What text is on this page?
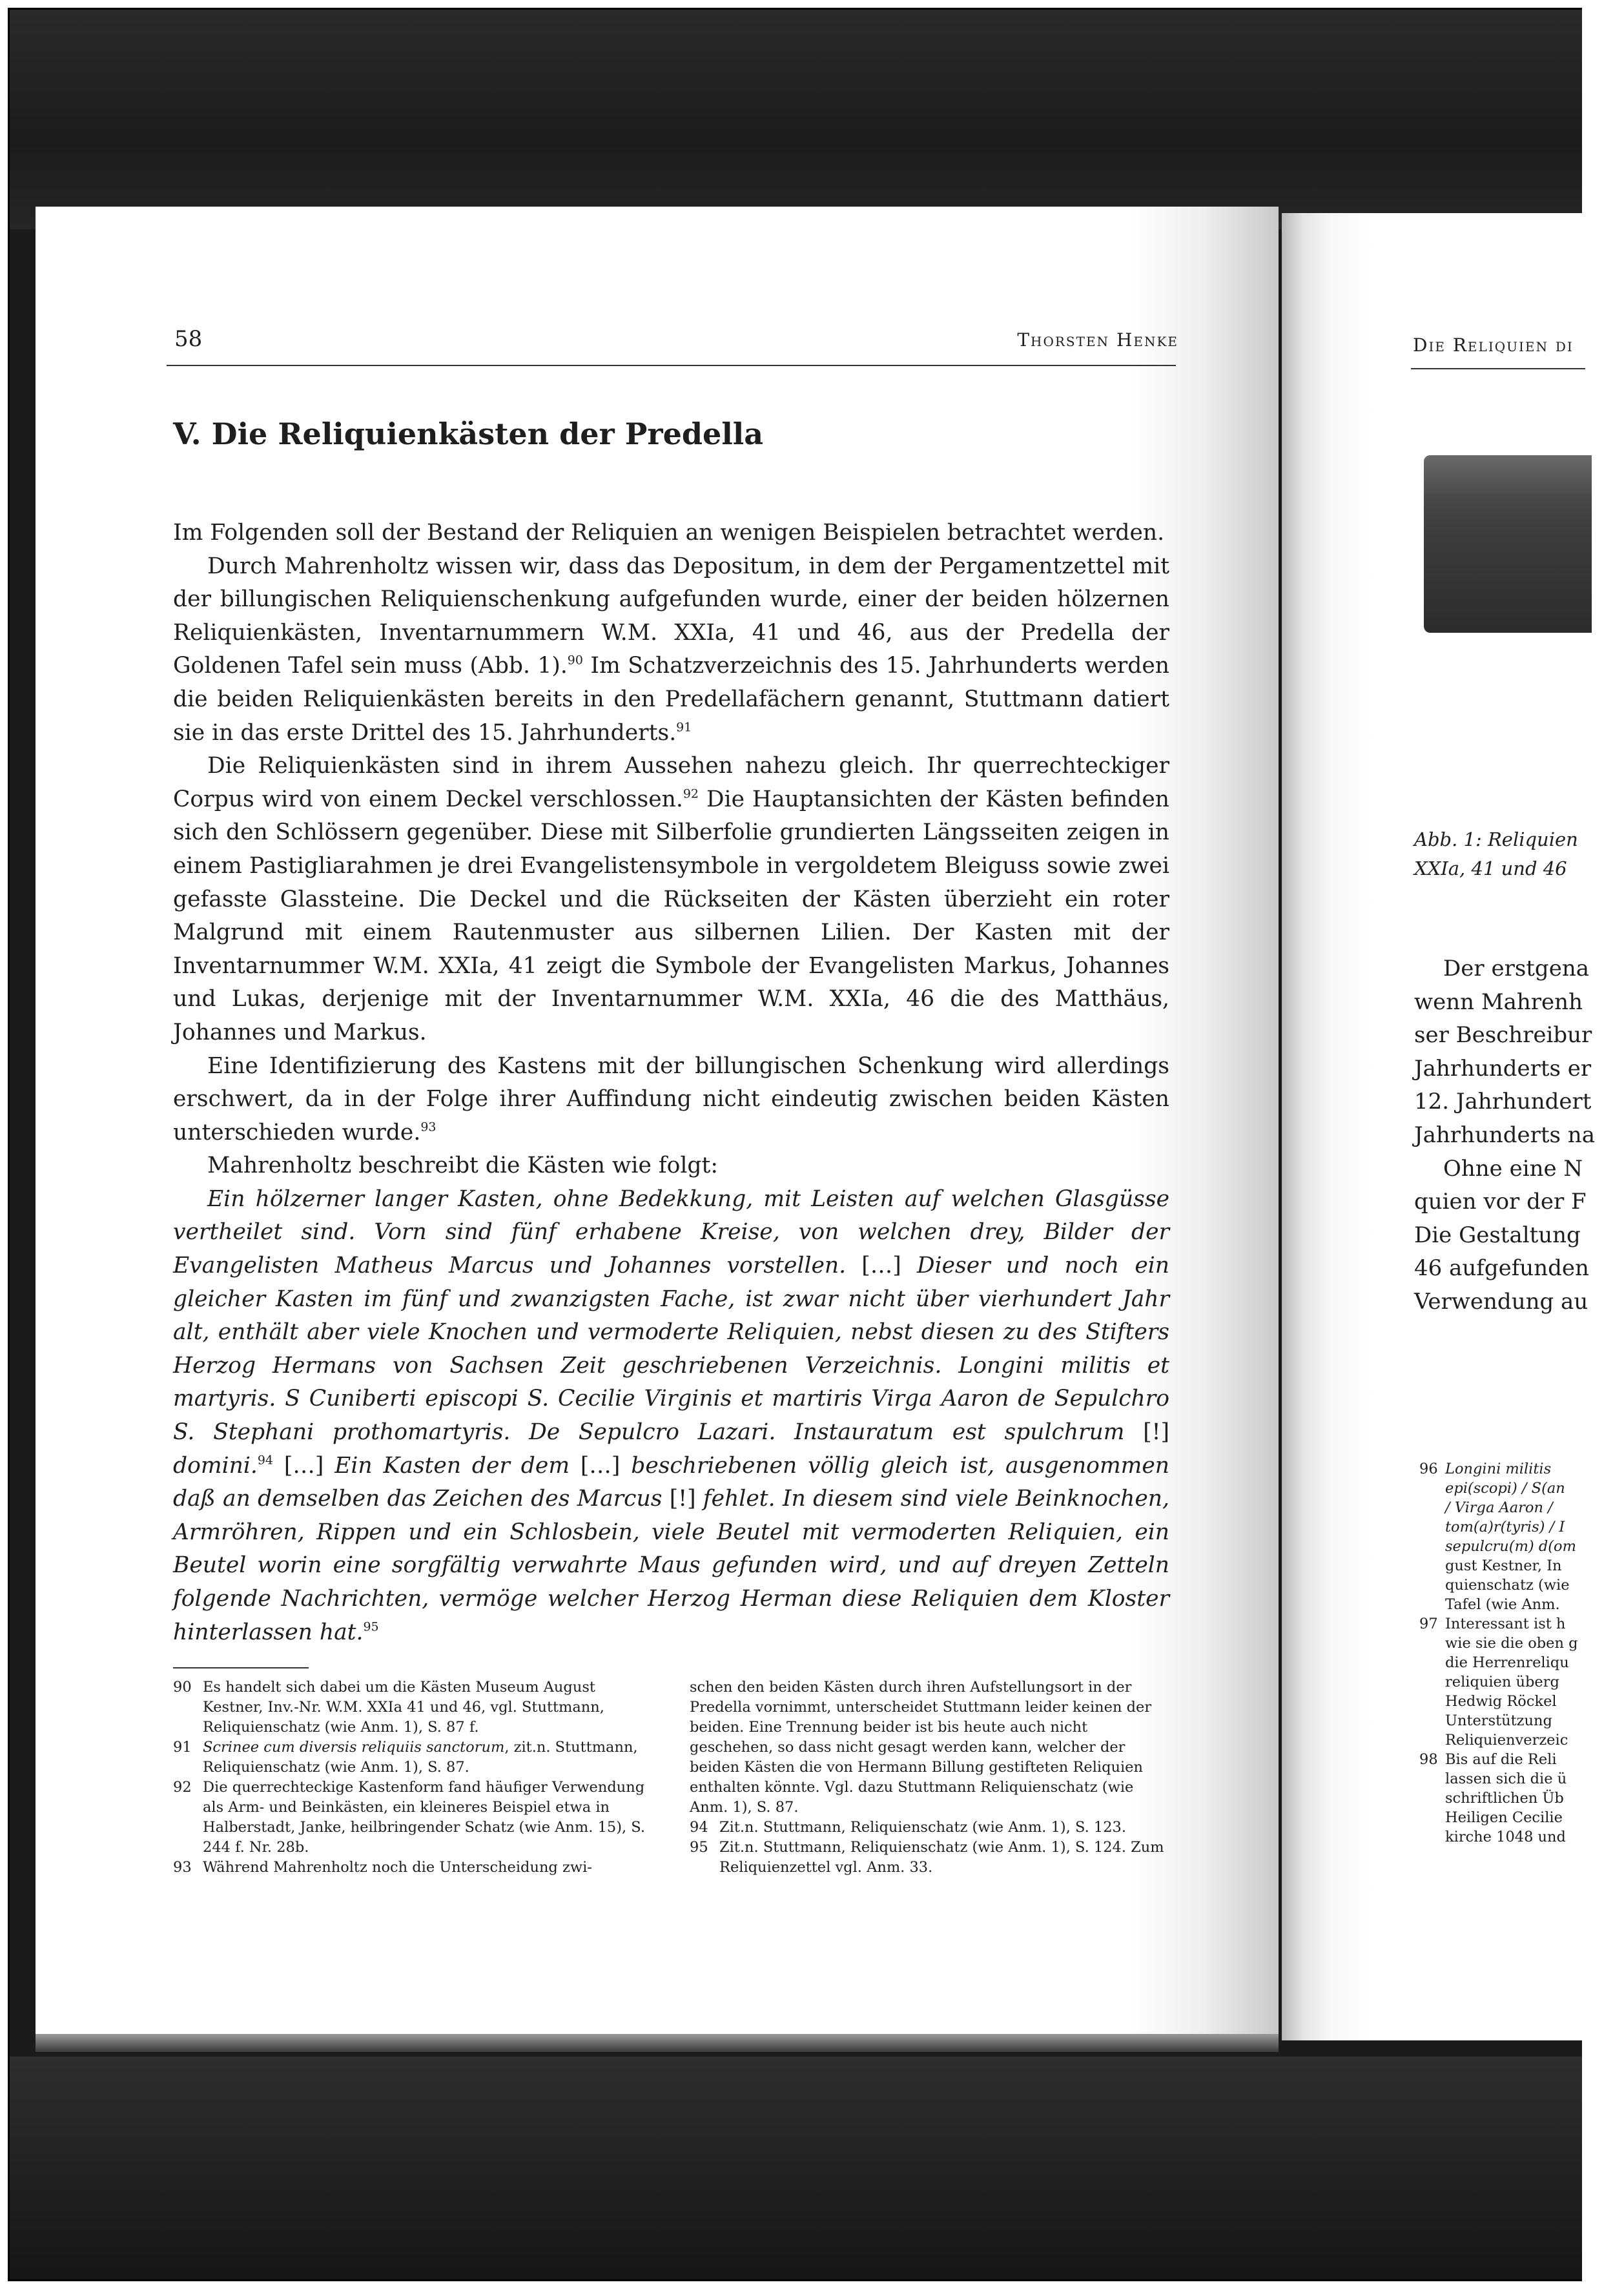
58	Thorsten Henke
V. Die Reliquienkästen der Predella

Im Folgenden soll der Bestand der Reliquien an wenigen Beispielen betrachtet werden.

Durch Mahrenholtz wissen wir, dass das Depositum, in dem der Pergamentzettel mit der billungischen Reliquienschenkung aufgefunden wurde, einer der beiden hölzernen Reliquienkästen, Inventarnummern W.M. XXIa, 41 und 46, aus der Predella der Goldenen Tafel sein muss (Abb. 1).$^{90}$ Im Schatzverzeichnis des 15. Jahrhunderts werden die beiden Reliquienkästen bereits in den Predellafächern genannt, Stuttmann datiert sie in das erste Drittel des 15. Jahrhunderts.$^{91}$

Die Reliquienkästen sind in ihrem Aussehen nahezu gleich. Ihr querrechteckiger Corpus wird von einem Deckel verschlossen.$^{92}$ Die Hauptansichten der Kästen befinden sich den Schlössern gegenüber. Diese mit Silberfolie grundierten Längsseiten zeigen in einem Pastigliarahmen je drei Evangelistensymbole in vergoldetem Bleiguss sowie zwei gefasste Glassteine. Die Deckel und die Rückseiten der Kästen überzieht ein roter Malgrund mit einem Rautenmuster aus silbernen Lilien. Der Kasten mit der Inventarnummer W.M. XXIa, 41 zeigt die Symbole der Evangelisten Markus, Johannes und Lukas, derjenige mit der Inventarnummer W.M. XXIa, 46 die des Matthäus, Johannes und Markus.

Eine Identifizierung des Kastens mit der billungischen Schenkung wird allerdings erschwert, da in der Folge ihrer Auffindung nicht eindeutig zwischen beiden Kästen unterschieden wurde.$^{93}$

Mahrenholtz beschreibt die Kästen wie folgt:

Ein hölzerner langer Kasten, ohne Bedekkung, mit Leisten auf welchen Glasgüsse vertheilet sind. Vorn sind fünf erhabene Kreise, von welchen drey, Bilder der Evangelisten Matheus Marcus und Johannes vorstellen. […] Dieser und noch ein gleicher Kasten im fünf und zwanzigsten Fache, ist zwar nicht über vierhundert Jahr alt, enthält aber viele Knochen und vermoderte Reliquien, nebst diesen zu des Stifters Herzog Hermans von Sachsen Zeit geschriebenen Verzeichnis. Longini militis et martyris. S Cuniberti episcopi S. Cecilie Virginis et martiris Virga Aaron de Sepulchro S. Stephani prothomartyris. De Sepulcro Lazari. Instauratum est spulchrum [!] domini.$^{94}$ […] Ein Kasten der dem […] beschriebenen völlig gleich ist, ausgenommen daß an demselben das Zeichen des Marcus [!] fehlet. In diesem sind viele Beinknochen, Armröhren, Rippen und ein Schlosbein, viele Beutel mit vermoderten Reliquien, ein Beutel worin eine sorgfältig verwahrte Maus gefunden wird, und auf dreyen Zetteln folgende Nachrichten, vermöge welcher Herzog Herman diese Reliquien dem Kloster hinterlassen hat.$^{95}$

90 Es handelt sich dabei um die Kästen Museum August Kestner, Inv.-Nr. W.M. XXIa 41 und 46, vgl. Stuttmann, Reliquienschatz (wie Anm. 1), S. 87 f.
91 Scrinee cum diversis reliquiis sanctorum, zit.n. Stuttmann, Reliquienschatz (wie Anm. 1), S. 87.
92 Die querrechteckige Kastenform fand häufiger Verwendung als Arm- und Beinkästen, ein kleineres Beispiel etwa in Halberstadt, Janke, heilbringender Schatz (wie Anm. 15), S. 244 f. Nr. 28b.
93 Während Mahrenholtz noch die Unterscheidung zwi-
schen den beiden Kästen durch ihren Aufstellungsort in der Predella vornimmt, unterscheidet Stuttmann leider keinen der beiden. Eine Trennung beider ist bis heute auch nicht geschehen, so dass nicht gesagt werden kann, welcher der beiden Kästen die von Hermann Billung gestifteten Reliquien enthalten könnte. Vgl. dazu Stuttmann Reliquienschatz (wie Anm. 1), S. 87.
94 Zit.n. Stuttmann, Reliquienschatz (wie Anm. 1), S. 123.
95 Zit.n. Stuttmann, Reliquienschatz (wie Anm. 1), S. 124. Zum Reliquienzettel vgl. Anm. 33.
Die Reliquien di
Abb. 1: Reliquien
XXIa, 41 und 46
Der erstgena
wenn Mahrenh
ser Beschreibur
Jahrhunderts er
12. Jahrhundert
Jahrhunderts na
Ohne eine N
quien vor der F
Die Gestaltung
46 aufgefunden
Verwendung au
96 Longini militis
epi(scopi) / S(an
/ Virga Aaron /
tom(a)r(tyris) / I
sepulcru(m) d(om
gust Kestner, In
quienschatz (wie
Tafel (wie Anm.
97 Interessant ist h
wie sie die oben g
die Herrenreliqu
reliquien überg
Hedwig Röckel
Unterstützung
Reliquienverzeic
98 Bis auf die Reli
lassen sich die ü
schriftlichen Üb
Heiligen Cecilie
kirche 1048 und
